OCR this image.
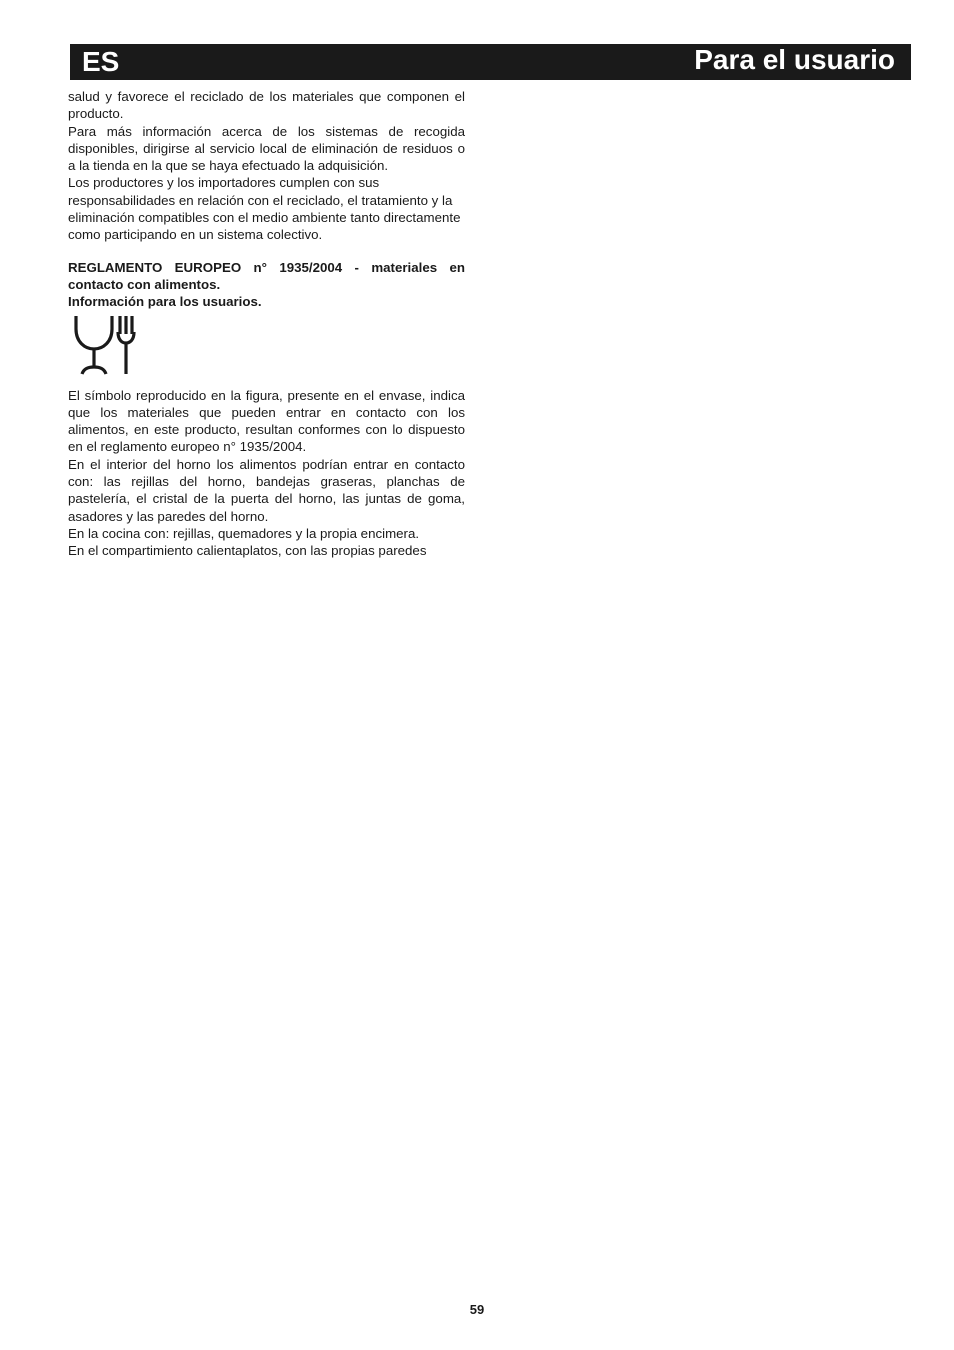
ES	Para el usuario

salud y favorece el reciclado de los materiales que componen el producto.

Para más información acerca de los sistemas de recogida disponibles, dirigirse al servicio local de eliminación de residuos o a la tienda en la que se haya efectuado la adquisición.

Los productores y los importadores cumplen con sus responsabilidades en relación con el reciclado, el tratamiento y la eliminación compatibles con el medio ambiente tanto directamente como participando en un sistema colectivo.

REGLAMENTO EUROPEO n° 1935/2004 - materiales en contacto con alimentos.
Información para los usuarios.

El símbolo reproducido en la figura, presente en el envase, indica que los materiales que pueden entrar en contacto con los alimentos, en este producto, resultan conformes con lo dispuesto en el reglamento europeo n° 1935/2004.

En el interior del horno los alimentos podrían entrar en contacto con: las rejillas del horno, bandejas graseras, planchas de pastelería, el cristal de la puerta del horno, las juntas de goma, asadores y las paredes del horno.

En la cocina con: rejillas, quemadores y la propia encimera.

En el compartimiento calientaplatos, con las propias paredes

59
